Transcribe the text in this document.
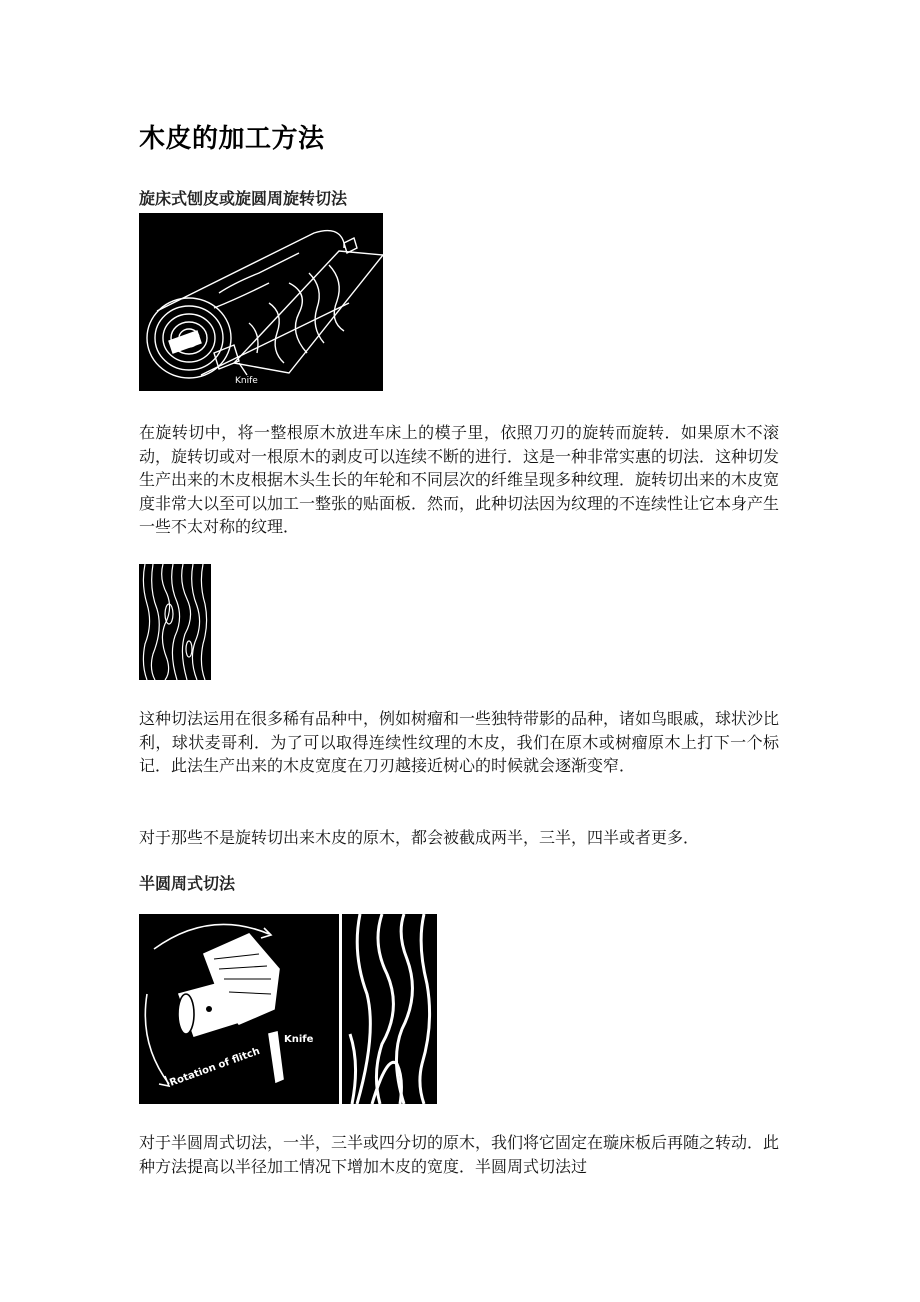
木皮的加工方法
旋床式刨皮或旋圆周旋转切法
Knife

在旋转切中，将一整根原木放进车床上的模子里，依照刀刃的旋转而旋转．如果原木不滚动，旋转切或对一根原木的剥皮可以连续不断的进行．这是一种非常实惠的切法．这种切发生产出来的木皮根据木头生长的年轮和不同层次的纤维呈现多种纹理．旋转切出来的木皮宽度非常大以至可以加工一整张的贴面板．然而，此种切法因为纹理的不连续性让它本身产生一些不太对称的纹理．

这种切法运用在很多稀有品种中，例如树瘤和一些独特带影的品种，诸如鸟眼戚，球状沙比利，球状麦哥利．为了可以取得连续性纹理的木皮，我们在原木或树瘤原木上打下一个标记．此法生产出来的木皮宽度在刀刃越接近树心的时候就会逐渐变窄．

对于那些不是旋转切出来木皮的原木，都会被截成两半，三半，四半或者更多．

半圆周式切法
Knife
Rotation of flitch

对于半圆周式切法，一半，三半或四分切的原木，我们将它固定在璇床板后再随之转动．此种方法提高以半径加工情况下增加木皮的宽度．半圆周式切法过
